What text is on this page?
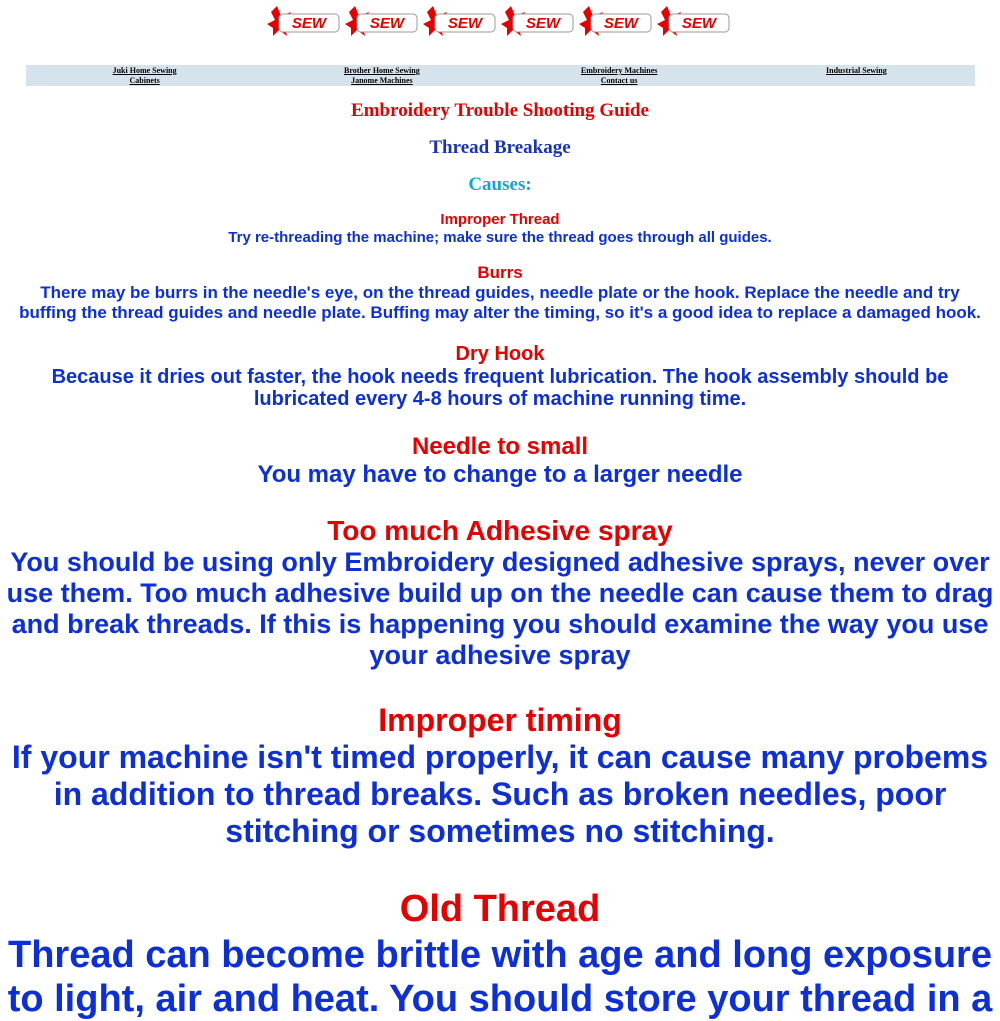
SEW	SEW	SEW	SEW	SEW	SEW
Juki Home Sewing
Cabinets
Brother Home Sewing
Janome Machines
Embroidery Machines
Contact us
Industrial Sewing
Embroidery Trouble Shooting Guide
Thread Breakage
Causes:
Improper Thread
Try re-threading the machine; make sure the thread goes through all guides.
Burrs
There may be burrs in the needle's eye, on the thread guides, needle plate or the hook. Replace the needle and try buffing the thread guides and needle plate. Buffing may alter the timing, so it's a good idea to replace a damaged hook.
Dry Hook
Because it dries out faster, the hook needs frequent lubrication. The hook assembly should be lubricated every 4-8 hours of machine running time.
Needle to small
You may have to change to a larger needle
Too much Adhesive spray
You should be using only Embroidery designed adhesive sprays, never over use them. Too much adhesive build up on the needle can cause them to drag and break threads. If this is happening you should examine the way you use your adhesive spray
Improper timing
If your machine isn't timed properly, it can cause many probems in addition to thread breaks. Such as broken needles, poor stitching or sometimes no stitching.
Old Thread
Thread can become brittle with age and long exposure to light, air and heat. You should store your thread in a
